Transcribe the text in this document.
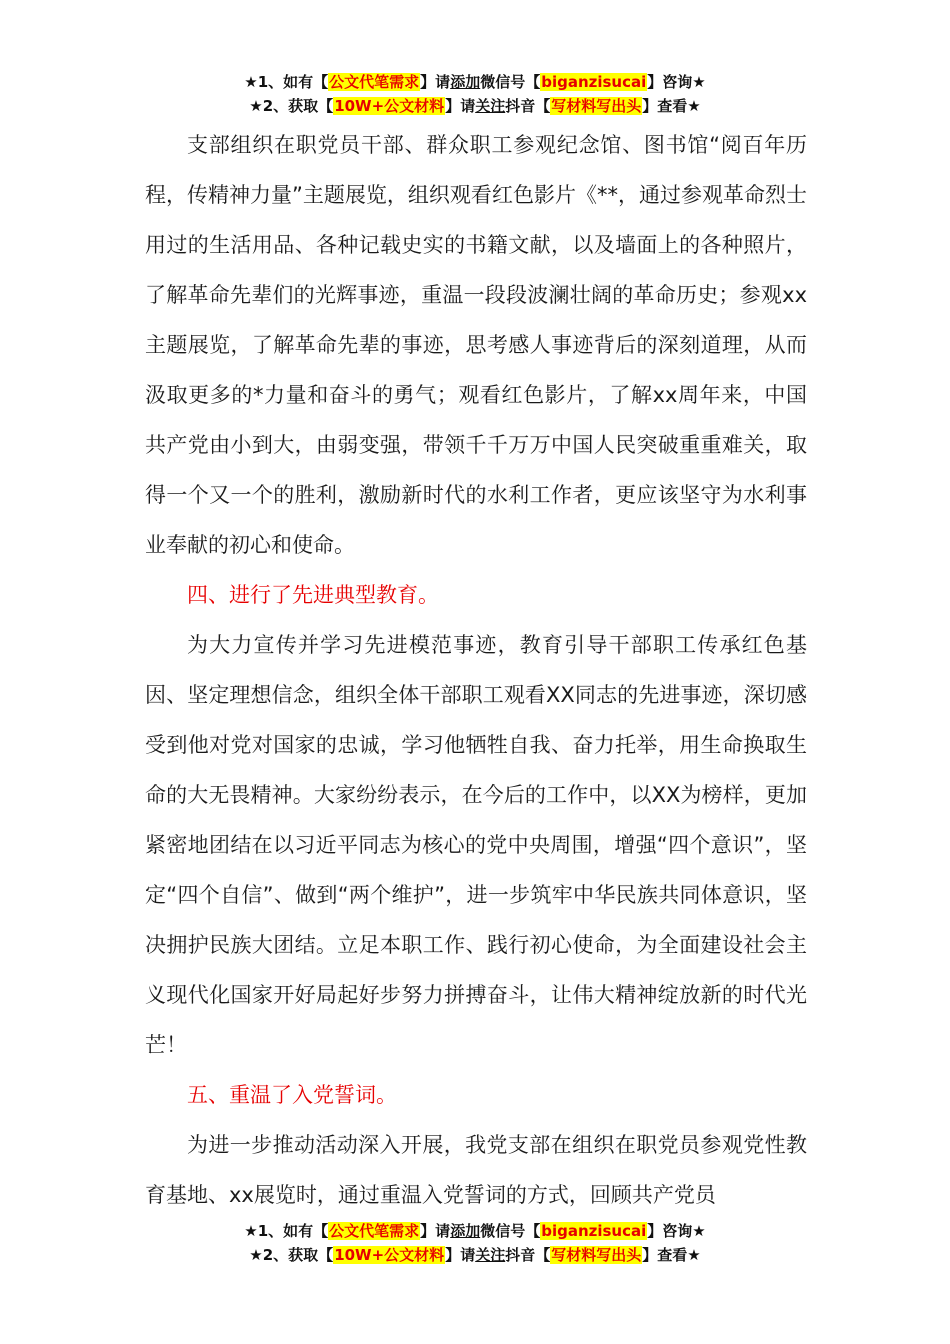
★1、如有【公文代笔需求】请添加微信号【biganzisucai】咨询★
★2、获取【10W+公文材料】请关注抖音【写材料写出头】查看★

支部组织在职党员干部、群众职工参观纪念馆、图书馆“阅百年历程，传精神力量”主题展览，组织观看红色影片《**，通过参观革命烈士用过的生活用品、各种记载史实的书籍文献，以及墙面上的各种照片，了解革命先辈们的光辉事迹，重温一段段波澜壮阔的革命历史；参观xx主题展览，了解革命先辈的事迹，思考感人事迹背后的深刻道理，从而汲取更多的*力量和奋斗的勇气；观看红色影片，了解xx周年来，中国共产党由小到大，由弱变强，带领千千万万中国人民突破重重难关，取得一个又一个的胜利，激励新时代的水利工作者，更应该坚守为水利事业奉献的初心和使命。

四、进行了先进典型教育。

为大力宣传并学习先进模范事迹，教育引导干部职工传承红色基因、坚定理想信念，组织全体干部职工观看XX同志的先进事迹，深切感受到他对党对国家的忠诚，学习他牺牲自我、奋力托举，用生命换取生命的大无畏精神。大家纷纷表示，在今后的工作中，以XX为榜样，更加紧密地团结在以习近平同志为核心的党中央周围，增强“四个意识”，坚定“四个自信”、做到“两个维护”，进一步筑牢中华民族共同体意识，坚决拥护民族大团结。立足本职工作、践行初心使命，为全面建设社会主义现代化国家开好局起好步努力拼搏奋斗，让伟大精神绽放新的时代光芒！

五、重温了入党誓词。

为进一步推动活动深入开展，我党支部在组织在职党员参观党性教育基地、xx展览时，通过重温入党誓词的方式，回顾共产党员

★1、如有【公文代笔需求】请添加微信号【biganzisucai】咨询★
★2、获取【10W+公文材料】请关注抖音【写材料写出头】查看★
